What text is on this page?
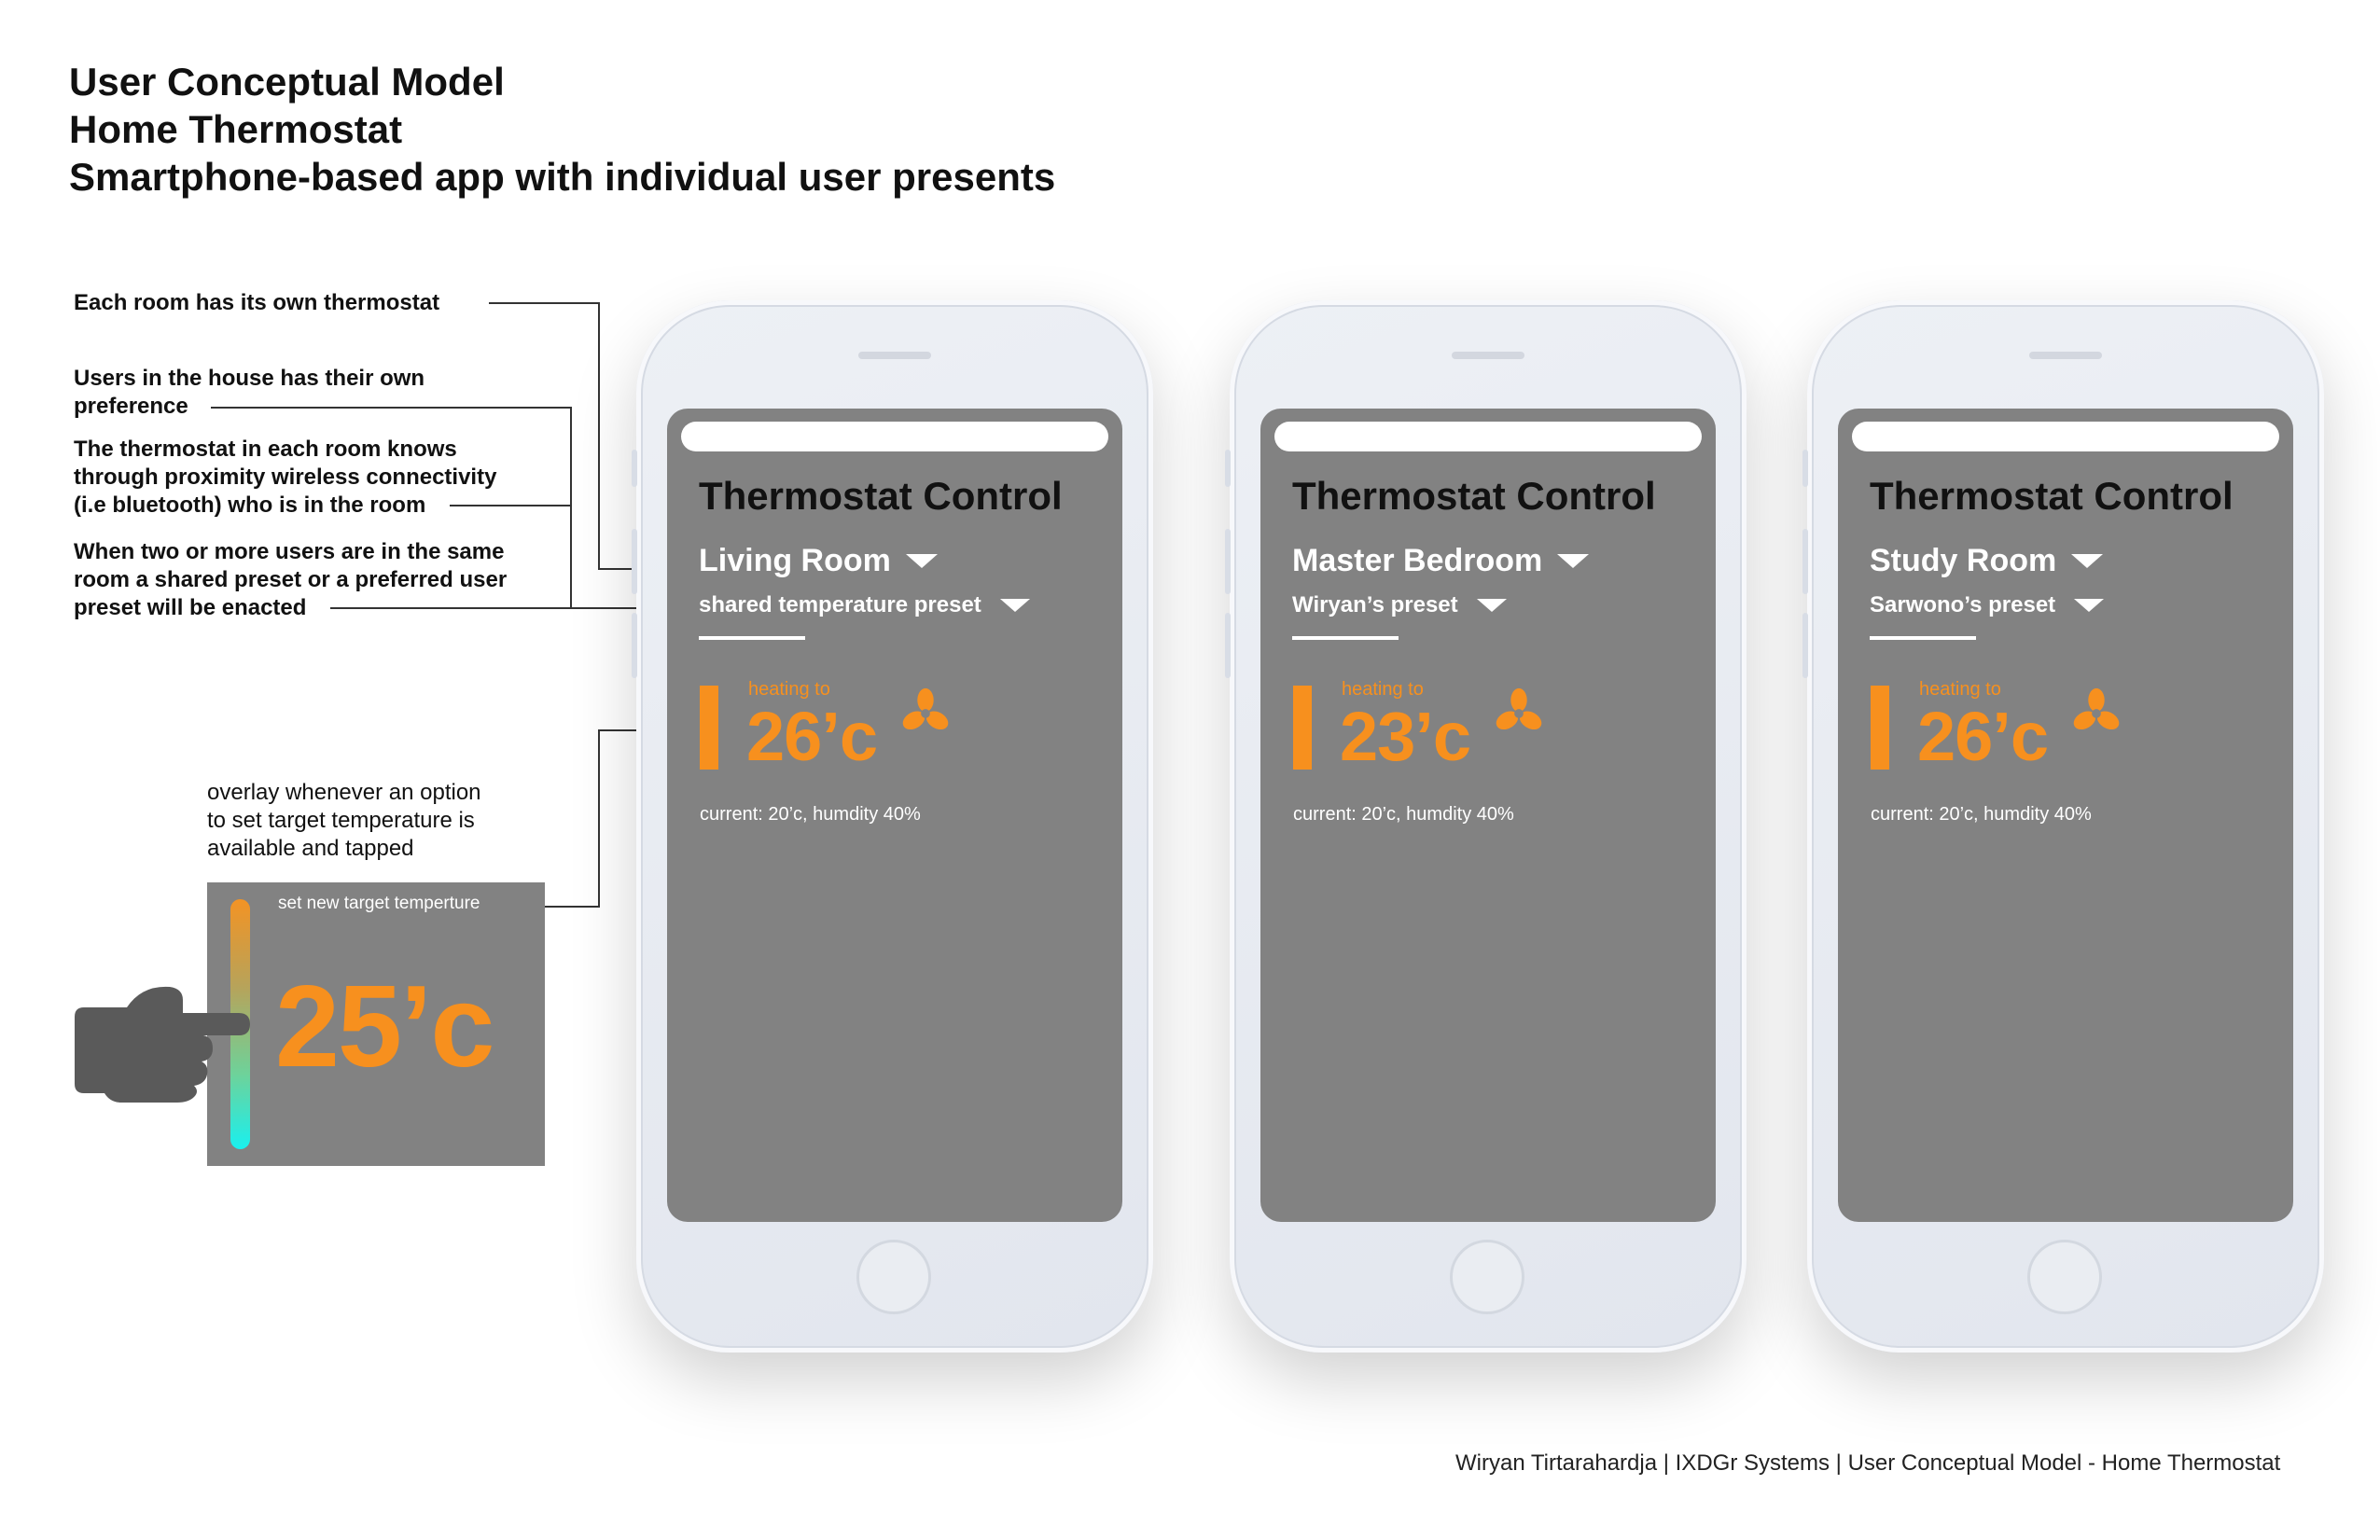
User Conceptual Model
Home Thermostat
Smartphone-based app with individual user presents
Each room has its own thermostat
Users in the house has their own
preference
The thermostat in each room knows
through proximity wireless connectivity
(i.e bluetooth) who is in the room
When two or more users are in the same
room a shared preset or a preferred user
preset will be enacted
overlay whenever an option
to set target temperature is
available and tapped
set new target temperture
25’c
Thermostat Control
Living Room
shared temperature preset
heating to
26’c
current: 20’c, humdity 40%
Thermostat Control
Master Bedroom
Wiryan’s preset
heating to
23’c
current: 20’c, humdity 40%
Thermostat Control
Study Room
Sarwono’s preset
heating to
26’c
current: 20’c, humdity 40%
Wiryan Tirtarahardja | IXDGr Systems | User Conceptual Model - Home Thermostat
